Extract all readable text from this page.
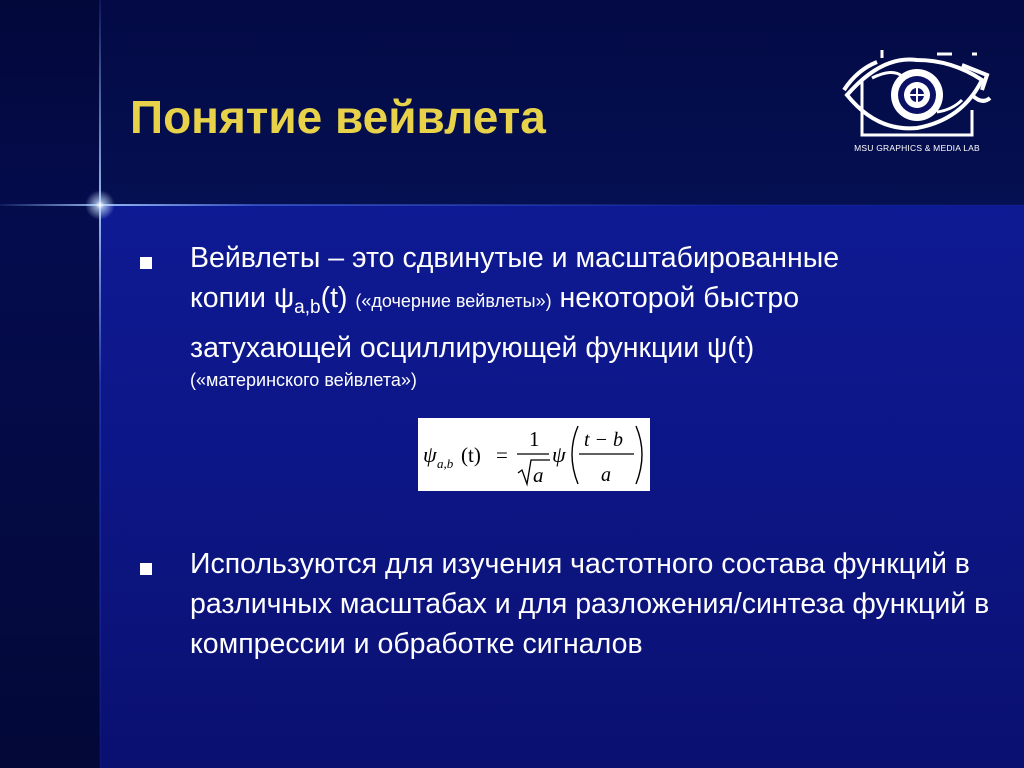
Понятие вейвлета
MSU GRAPHICS & MEDIA LAB
Вейвлеты – это сдвинутые и масштабированные
копии $\psi_{a,b}(t)$ («дочерние вейвлеты») некоторой быстро
затухающей осциллирующей функции ψ(t)
(«материнского вейвлета»)
ψ a,b (t) =
1
a
ψ
t − b
a

Используются для изучения частотного состава функций в различных масштабах и для разложения/синтеза функций в компрессии и обработке сигналов
